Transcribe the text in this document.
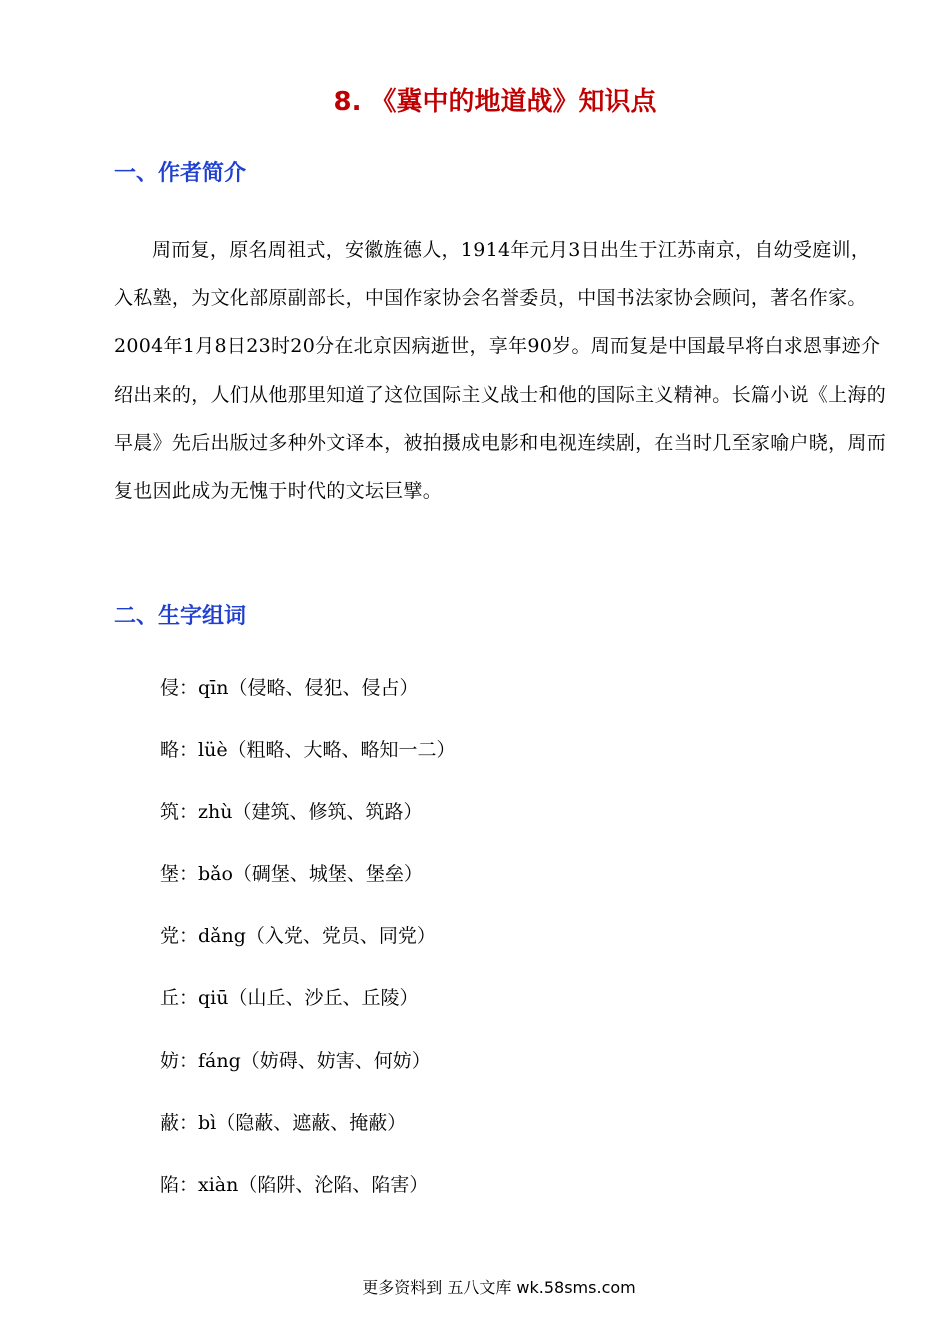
8. 《冀中的地道战》知识点
一、作者简介

周而复，原名周祖式，安徽旌德人，1914年元月3日出生于江苏南京，自幼受庭训，入私塾，为文化部原副部长，中国作家协会名誉委员，中国书法家协会顾问，著名作家。2004年1月8日23时20分在北京因病逝世，享年90岁。周而复是中国最早将白求恩事迹介绍出来的，人们从他那里知道了这位国际主义战士和他的国际主义精神。长篇小说《上海的早晨》先后出版过多种外文译本，被拍摄成电影和电视连续剧，在当时几至家喻户晓，周而复也因此成为无愧于时代的文坛巨擘。

二、生字组词
侵：qīn（侵略、侵犯、侵占）
略：lüè（粗略、大略、略知一二）
筑：zhù（建筑、修筑、筑路）
堡：bǎo（碉堡、城堡、堡垒）
党：dǎng（入党、党员、同党）
丘：qiū（山丘、沙丘、丘陵）
妨：fáng（妨碍、妨害、何妨）
蔽：bì（隐蔽、遮蔽、掩蔽）
陷：xiàn（陷阱、沦陷、陷害）
更多资料到 五八文库 wk.58sms.com
